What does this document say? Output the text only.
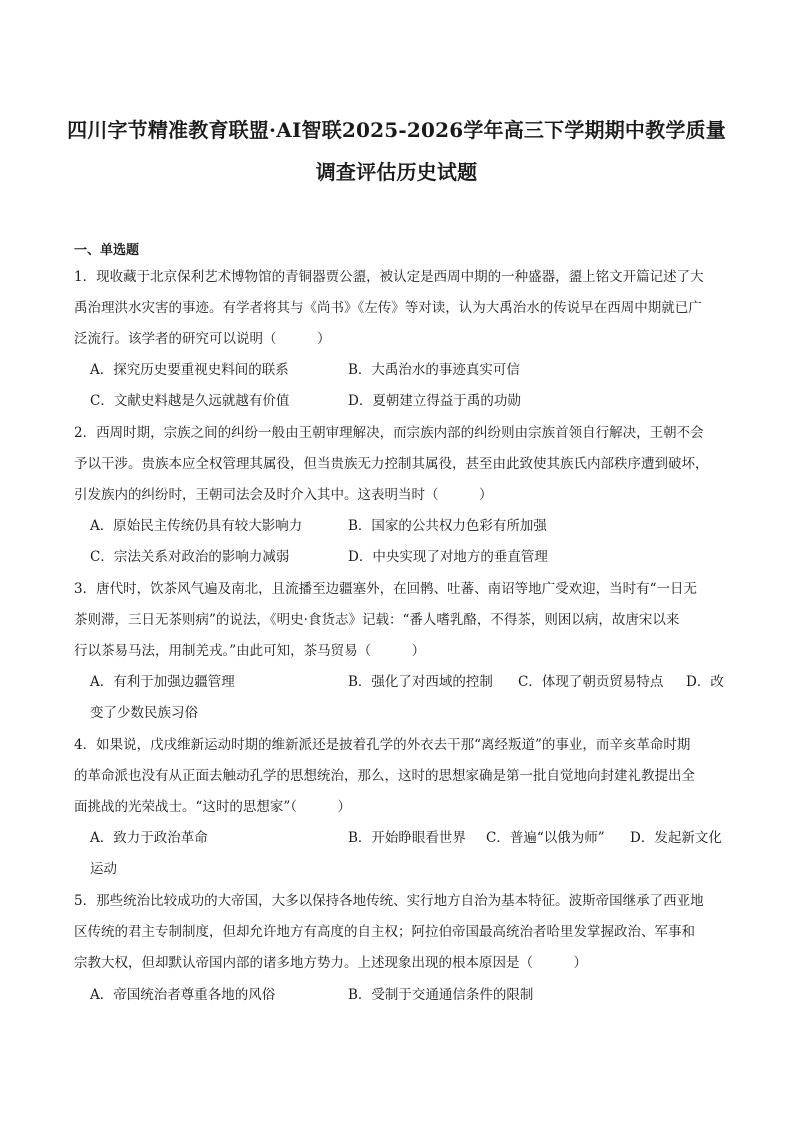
四川字节精准教育联盟·AI智联2025-2026学年高三下学期期中教学质量
调查评估历史试题
一、单选题
1．现收藏于北京保利艺术博物馆的青铜器贾公盨，被认定是西周中期的一种盛器，盨上铭文开篇记述了大
禹治理洪水灾害的事迹。有学者将其与《尚书》《左传》等对读，认为大禹治水的传说早在西周中期就已广
泛流行。该学者的研究可以说明（　　　）
A．探究历史要重视史料间的联系	B．大禹治水的事迹真实可信
C．文献史料越是久远就越有价值	D．夏朝建立得益于禹的功勋
2．西周时期，宗族之间的纠纷一般由王朝审理解决，而宗族内部的纠纷则由宗族首领自行解决，王朝不会
予以干涉。贵族本应全权管理其属役，但当贵族无力控制其属役，甚至由此致使其族氏内部秩序遭到破坏，
引发族内的纠纷时，王朝司法会及时介入其中。这表明当时（　　　）
A．原始民主传统仍具有较大影响力	B．国家的公共权力色彩有所加强
C．宗法关系对政治的影响力减弱	D．中央实现了对地方的垂直管理
3．唐代时，饮茶风气遍及南北，且流播至边疆塞外，在回鹘、吐蕃、南诏等地广受欢迎，当时有“一日无
茶则滞，三日无茶则病”的说法，《明史·食货志》记载：“番人嗜乳酪，不得茶，则困以病，故唐宋以来
行以茶易马法，用制羌戎。”由此可知，茶马贸易（　　　）
A．有利于加强边疆管理	B．强化了对西域的控制 C．体现了朝贡贸易特点 D．改
变了少数民族习俗
4．如果说，戊戌维新运动时期的维新派还是披着孔学的外衣去干那“离经叛道”的事业，而辛亥革命时期
的革命派也没有从正面去触动孔学的思想统治，那么，这时的思想家确是第一批自觉地向封建礼教提出全
面挑战的光荣战士。“这时的思想家”（　　　）
A．致力于政治革命	B．开始睁眼看世界 C．普遍“以俄为师” D．发起新文化
运动
5．那些统治比较成功的大帝国，大多以保持各地传统、实行地方自治为基本特征。波斯帝国继承了西亚地
区传统的君主专制制度，但却允许地方有高度的自主权；阿拉伯帝国最高统治者哈里发掌握政治、军事和
宗教大权，但却默认帝国内部的诸多地方势力。上述现象出现的根本原因是（　　　）
A．帝国统治者尊重各地的风俗	B．受制于交通通信条件的限制
